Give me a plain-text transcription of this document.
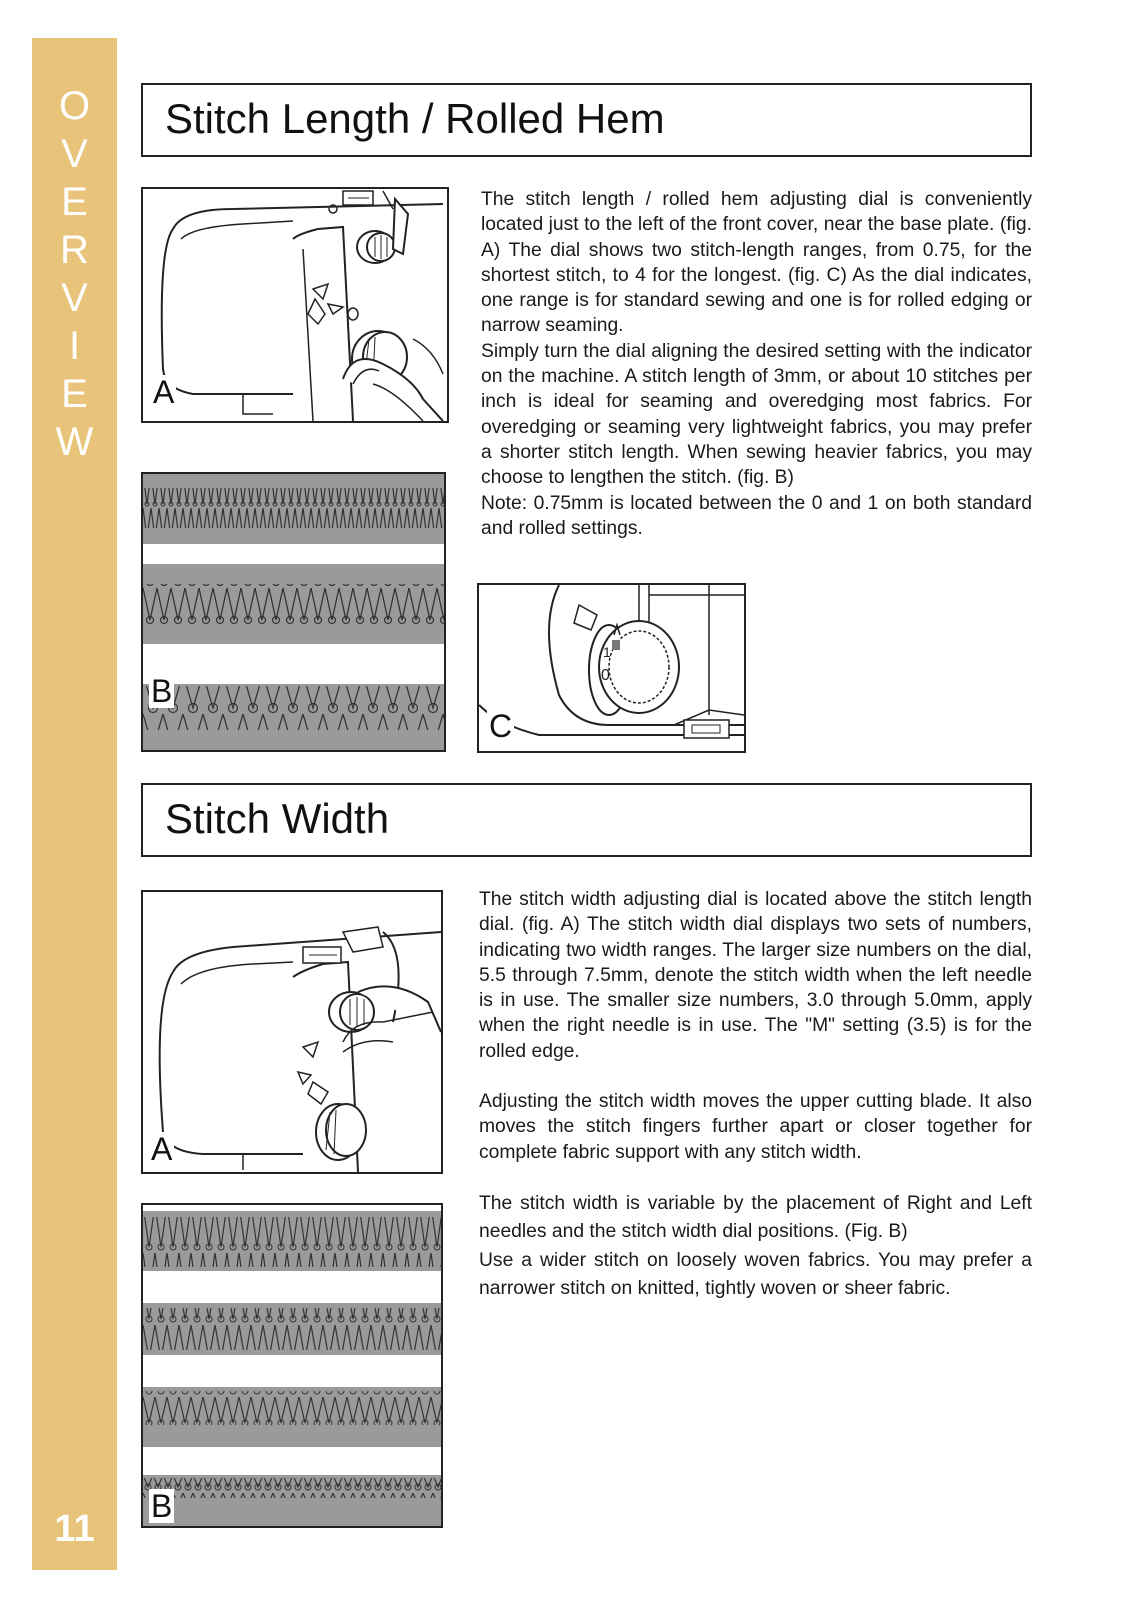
O
V
E
R
V
I
E
W
11
Stitch Length / Rolled Hem
A
B
1
0
C

The stitch length / rolled hem adjusting dial is conveniently located just to the left of the front cover, near the base plate. (fig. A) The dial shows two stitch-length ranges, from 0.75, for the shortest stitch, to 4 for the longest. (fig. C) As the dial indicates, one range is for standard sewing and one is for rolled edging or narrow seaming.

Simply turn the dial aligning the desired setting with the indicator on the machine. A stitch length of 3mm, or about 10 stitches per inch is ideal for seaming and overedging most fabrics. For overedging or seaming very lightweight fabrics, you may prefer a shorter stitch length. When sewing heavier fabrics, you may choose to lengthen the stitch. (fig. B)

Note: 0.75mm is located between the 0 and 1 on both standard and rolled settings.

Stitch Width
A
B

The stitch width adjusting dial is located above the stitch length dial. (fig. A) The stitch width dial displays two sets of numbers, indicating two width ranges. The larger size numbers on the dial, 5.5 through 7.5mm, denote the stitch width when the left needle is in use. The smaller size numbers, 3.0 through 5.0mm, apply when the right needle is in use. The "M" setting (3.5) is for the rolled edge.

Adjusting the stitch width moves the upper cutting blade. It also moves the stitch fingers further apart or closer together for complete fabric support with any stitch width.

The stitch width is variable by the placement of Right and Left needles and the stitch width dial positions. (Fig. B)

Use a wider stitch on loosely woven fabrics. You may prefer a narrower stitch on knitted, tightly woven or sheer fabric.
